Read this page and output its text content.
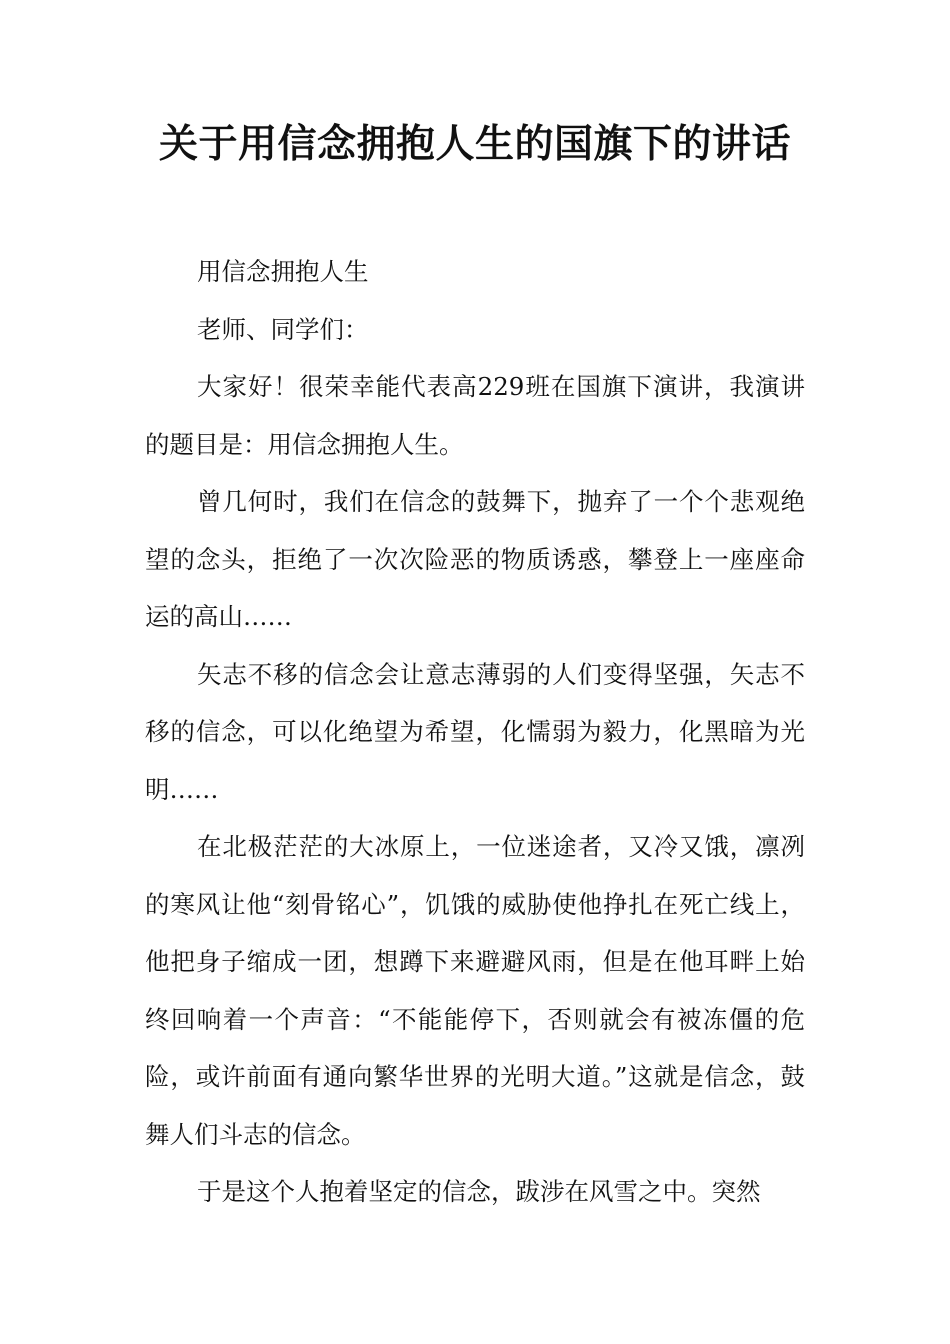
关于用信念拥抱人生的国旗下的讲话

用信念拥抱人生

老师、同学们：

大家好！很荣幸能代表高229班在国旗下演讲，我演讲的题目是：用信念拥抱人生。

曾几何时，我们在信念的鼓舞下，抛弃了一个个悲观绝望的念头，拒绝了一次次险恶的物质诱惑，攀登上一座座命运的高山……

矢志不移的信念会让意志薄弱的人们变得坚强，矢志不移的信念，可以化绝望为希望，化懦弱为毅力，化黑暗为光明……

在北极茫茫的大冰原上，一位迷途者，又冷又饿，凛冽的寒风让他“刻骨铭心”，饥饿的威胁使他挣扎在死亡线上，他把身子缩成一团，想蹲下来避避风雨，但是在他耳畔上始终回响着一个声音：“不能能停下，否则就会有被冻僵的危险，或许前面有通向繁华世界的光明大道。”这就是信念，鼓舞人们斗志的信念。

于是这个人抱着坚定的信念，跋涉在风雪之中。突然
